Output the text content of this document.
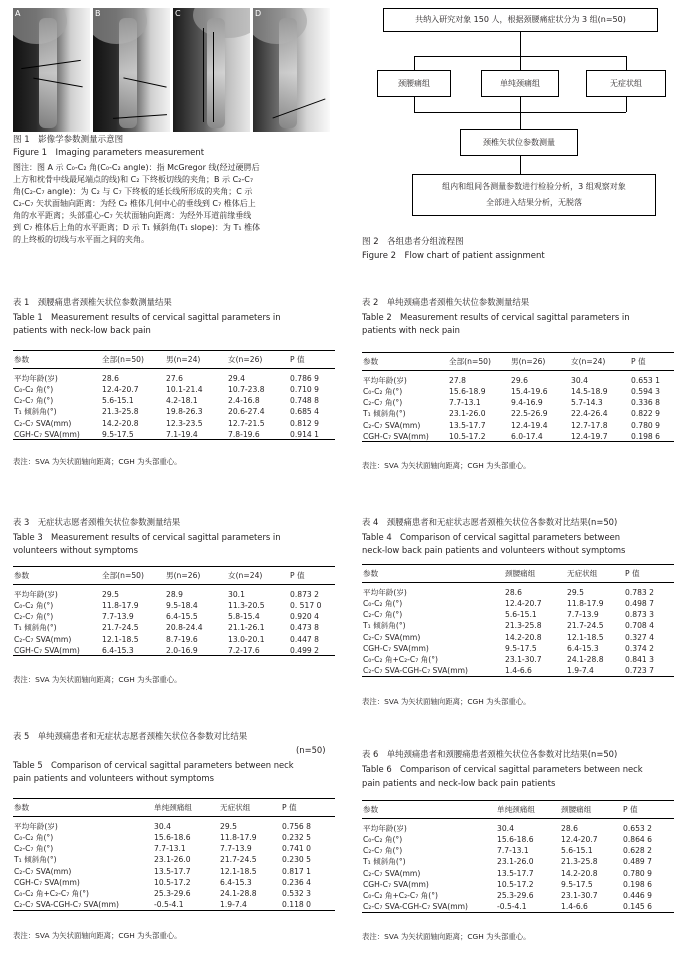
A	B	C	D
图 1　影像学参数测量示意图
Figure 1　Imaging parameters measurement
图注：图 A 示 C₀-C₂ 角(C₀-C₂ angle)：指 McGregor 线(经过硬腭后
上方和枕骨中线最尾端点的线)和 C₂ 下终板切线的夹角；B 示 C₂-C₇
角(C₂-C₇ angle)：为 C₂ 与 C₇ 下终板的延长线所形成的夹角；C 示
C₂-C₇ 矢状面轴向距离：为经 C₂ 椎体几何中心的垂线到 C₇ 椎体后上
角的水平距离；头部重心-C₇ 矢状面轴向距离：为经外耳道前缘垂线
到 C₇ 椎体后上角的水平距离；D 示 T₁ 倾斜角(T₁ slope)：为 T₁ 椎体
的上终板的切线与水平面之间的夹角。
共纳入研究对象 150 人，根据颈腰痛症状分为 3 组(n=50)
颈腰痛组	单纯颈痛组	无症状组
颈椎矢状位参数测量
组内和组间各测量参数进行检验分析，3 组观察对象
全部进入结果分析，无脱落
图 2　各组患者分组流程图
Figure 2　Flow chart of patient assignment
表 1　颈腰痛患者颈椎矢状位参数测量结果
Table 1　Measurement results of cervical sagittal parameters in
patients with neck-low back pain
参数	全部(n=50)	男(n=24)	女(n=26)	P 值
平均年龄(岁)	28.6	27.6	29.4	0.786 9
C₀-C₂ 角(°)	12.4-20.7	10.1-21.4	10.7-23.8	0.710 9
C₂-C₇ 角(°)	5.6-15.1	4.2-18.1	2.4-16.8	0.748 8
T₁ 倾斜角(°)	21.3-25.8	19.8-26.3	20.6-27.4	0.685 4
C₂-C₇ SVA(mm)	14.2-20.8	12.3-23.5	12.7-21.5	0.812 9
CGH-C₇ SVA(mm)	9.5-17.5	7.1-19.4	7.8-19.6	0.914 1
表注：SVA 为矢状面轴向距离；CGH 为头部重心。
表 2　单纯颈痛患者颈椎矢状位参数测量结果
Table 2　Measurement results of cervical sagittal parameters in
patients with neck pain
参数	全部(n=50)	男(n=26)	女(n=24)	P 值
平均年龄(岁)	27.8	29.6	30.4	0.653 1
C₀-C₂ 角(°)	15.6-18.9	15.4-19.6	14.5-18.9	0.594 3
C₂-C₇ 角(°)	7.7-13.1	9.4-16.9	5.7-14.3	0.336 8
T₁ 倾斜角(°)	23.1-26.0	22.5-26.9	22.4-26.4	0.822 9
C₂-C₇ SVA(mm)	13.5-17.7	12.4-19.4	12.7-17.8	0.780 9
CGH-C₇ SVA(mm)	10.5-17.2	6.0-17.4	12.4-19.7	0.198 6
表注：SVA 为矢状面轴向距离；CGH 为头部重心。
表 3　无症状志愿者颈椎矢状位参数测量结果
Table 3　Measurement results of cervical sagittal parameters in
volunteers without symptoms
参数	全部(n=50)	男(n=26)	女(n=24)	P 值
平均年龄(岁)	29.5	28.9	30.1	0.873 2
C₀-C₂ 角(°)	11.8-17.9	9.5-18.4	11.3-20.5	0. 517 0
C₂-C₇ 角(°)	7.7-13.9	6.4-15.5	5.8-15.4	0.920 4
T₁ 倾斜角(°)	21.7-24.5	20.8-24.4	21.1-26.1	0.473 8
C₂-C₇ SVA(mm)	12.1-18.5	8.7-19.6	13.0-20.1	0.447 8
CGH-C₇ SVA(mm)	6.4-15.3	2.0-16.9	7.2-17.6	0.499 2
表注：SVA 为矢状面轴向距离；CGH 为头部重心。
表 4　颈腰痛患者和无症状志愿者颈椎矢状位各参数对比结果(n=50)
Table 4　Comparison of cervical sagittal parameters between
neck-low back pain patients and volunteers without symptoms
参数	颈腰痛组	无症状组	P 值
平均年龄(岁)	28.6	29.5	0.783 2
C₀-C₂ 角(°)	12.4-20.7	11.8-17.9	0.498 7
C₂-C₇ 角(°)	5.6-15.1	7.7-13.9	0.873 3
T₁ 倾斜角(°)	21.3-25.8	21.7-24.5	0.708 4
C₂-C₇ SVA(mm)	14.2-20.8	12.1-18.5	0.327 4
CGH-C₇ SVA(mm)	9.5-17.5	6.4-15.3	0.374 2
C₀-C₂ 角+C₂-C₇ 角(°)	23.1-30.7	24.1-28.8	0.841 3
C₂-C₇ SVA-CGH-C₇ SVA(mm)	1.4-6.6	1.9-7.4	0.723 7
表注：SVA 为矢状面轴向距离；CGH 为头部重心。
表 5　单纯颈痛患者和无症状志愿者颈椎矢状位各参数对比结果
(n=50)
Table 5　Comparison of cervical sagittal parameters between neck
pain patients and volunteers without symptoms
参数	单纯颈痛组	无症状组	P 值
平均年龄(岁)	30.4	29.5	0.756 8
C₀-C₂ 角(°)	15.6-18.6	11.8-17.9	0.232 5
C₂-C₇ 角(°)	7.7-13.1	7.7-13.9	0.741 0
T₁ 倾斜角(°)	23.1-26.0	21.7-24.5	0.230 5
C₂-C₇ SVA(mm)	13.5-17.7	12.1-18.5	0.817 1
CGH-C₇ SVA(mm)	10.5-17.2	6.4-15.3	0.236 4
C₀-C₂ 角+C₂-C₇ 角(°)	25.3-29.6	24.1-28.8	0.532 3
C₂-C₇ SVA-CGH-C₇ SVA(mm)	-0.5-4.1	1.9-7.4	0.118 0
表注：SVA 为矢状面轴向距离；CGH 为头部重心。
表 6　单纯颈痛患者和颈腰痛患者颈椎矢状位各参数对比结果(n=50)
Table 6　Comparison of cervical sagittal parameters between neck
pain patients and neck-low back pain patients
参数	单纯颈痛组	颈腰痛组	P 值
平均年龄(岁)	30.4	28.6	0.653 2
C₀-C₂ 角(°)	15.6-18.6	12.4-20.7	0.864 6
C₂-C₇ 角(°)	7.7-13.1	5.6-15.1	0.628 2
T₁ 倾斜角(°)	23.1-26.0	21.3-25.8	0.489 7
C₂-C₇ SVA(mm)	13.5-17.7	14.2-20.8	0.780 9
CGH-C₇ SVA(mm)	10.5-17.2	9.5-17.5	0.198 6
C₀-C₂ 角+C₂-C₇ 角(°)	25.3-29.6	23.1-30.7	0.446 9
C₂-C₇ SVA-CGH-C₇ SVA(mm)	-0.5-4.1	1.4-6.6	0.145 6
表注：SVA 为矢状面轴向距离；CGH 为头部重心。
